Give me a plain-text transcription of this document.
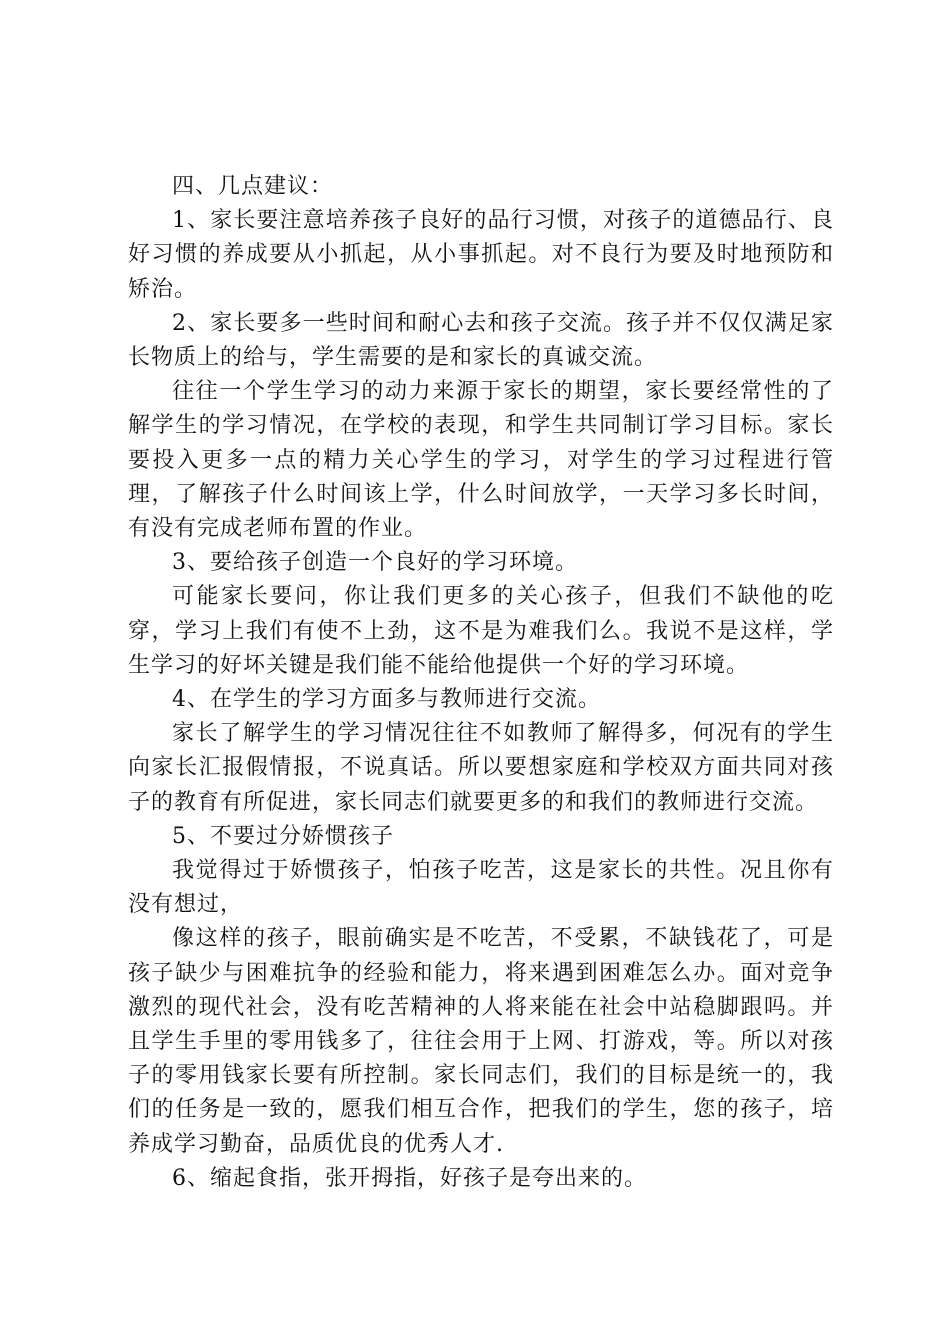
四、几点建议：

1、家长要注意培养孩子良好的品行习惯，对孩子的道德品行、良好习惯的养成要从小抓起，从小事抓起。对不良行为要及时地预防和矫治。

2、家长要多一些时间和耐心去和孩子交流。孩子并不仅仅满足家长物质上的给与，学生需要的是和家长的真诚交流。

往往一个学生学习的动力来源于家长的期望，家长要经常性的了解学生的学习情况，在学校的表现，和学生共同制订学习目标。家长要投入更多一点的精力关心学生的学习，对学生的学习过程进行管理，了解孩子什么时间该上学，什么时间放学，一天学习多长时间，有没有完成老师布置的作业。

3、要给孩子创造一个良好的学习环境。

可能家长要问，你让我们更多的关心孩子，但我们不缺他的吃穿，学习上我们有使不上劲，这不是为难我们么。我说不是这样，学生学习的好坏关键是我们能不能给他提供一个好的学习环境。

4、在学生的学习方面多与教师进行交流。

家长了解学生的学习情况往往不如教师了解得多，何况有的学生向家长汇报假情报，不说真话。所以要想家庭和学校双方面共同对孩子的教育有所促进，家长同志们就要更多的和我们的教师进行交流。

5、不要过分娇惯孩子

我觉得过于娇惯孩子，怕孩子吃苦，这是家长的共性。况且你有没有想过，

像这样的孩子，眼前确实是不吃苦，不受累，不缺钱花了，可是孩子缺少与困难抗争的经验和能力，将来遇到困难怎么办。面对竞争激烈的现代社会，没有吃苦精神的人将来能在社会中站稳脚跟吗。并且学生手里的零用钱多了，往往会用于上网、打游戏，等。所以对孩子的零用钱家长要有所控制。家长同志们，我们的目标是统一的，我们的任务是一致的，愿我们相互合作，把我们的学生，您的孩子，培养成学习勤奋，品质优良的优秀人才.

6、缩起食指，张开拇指，好孩子是夸出来的。
